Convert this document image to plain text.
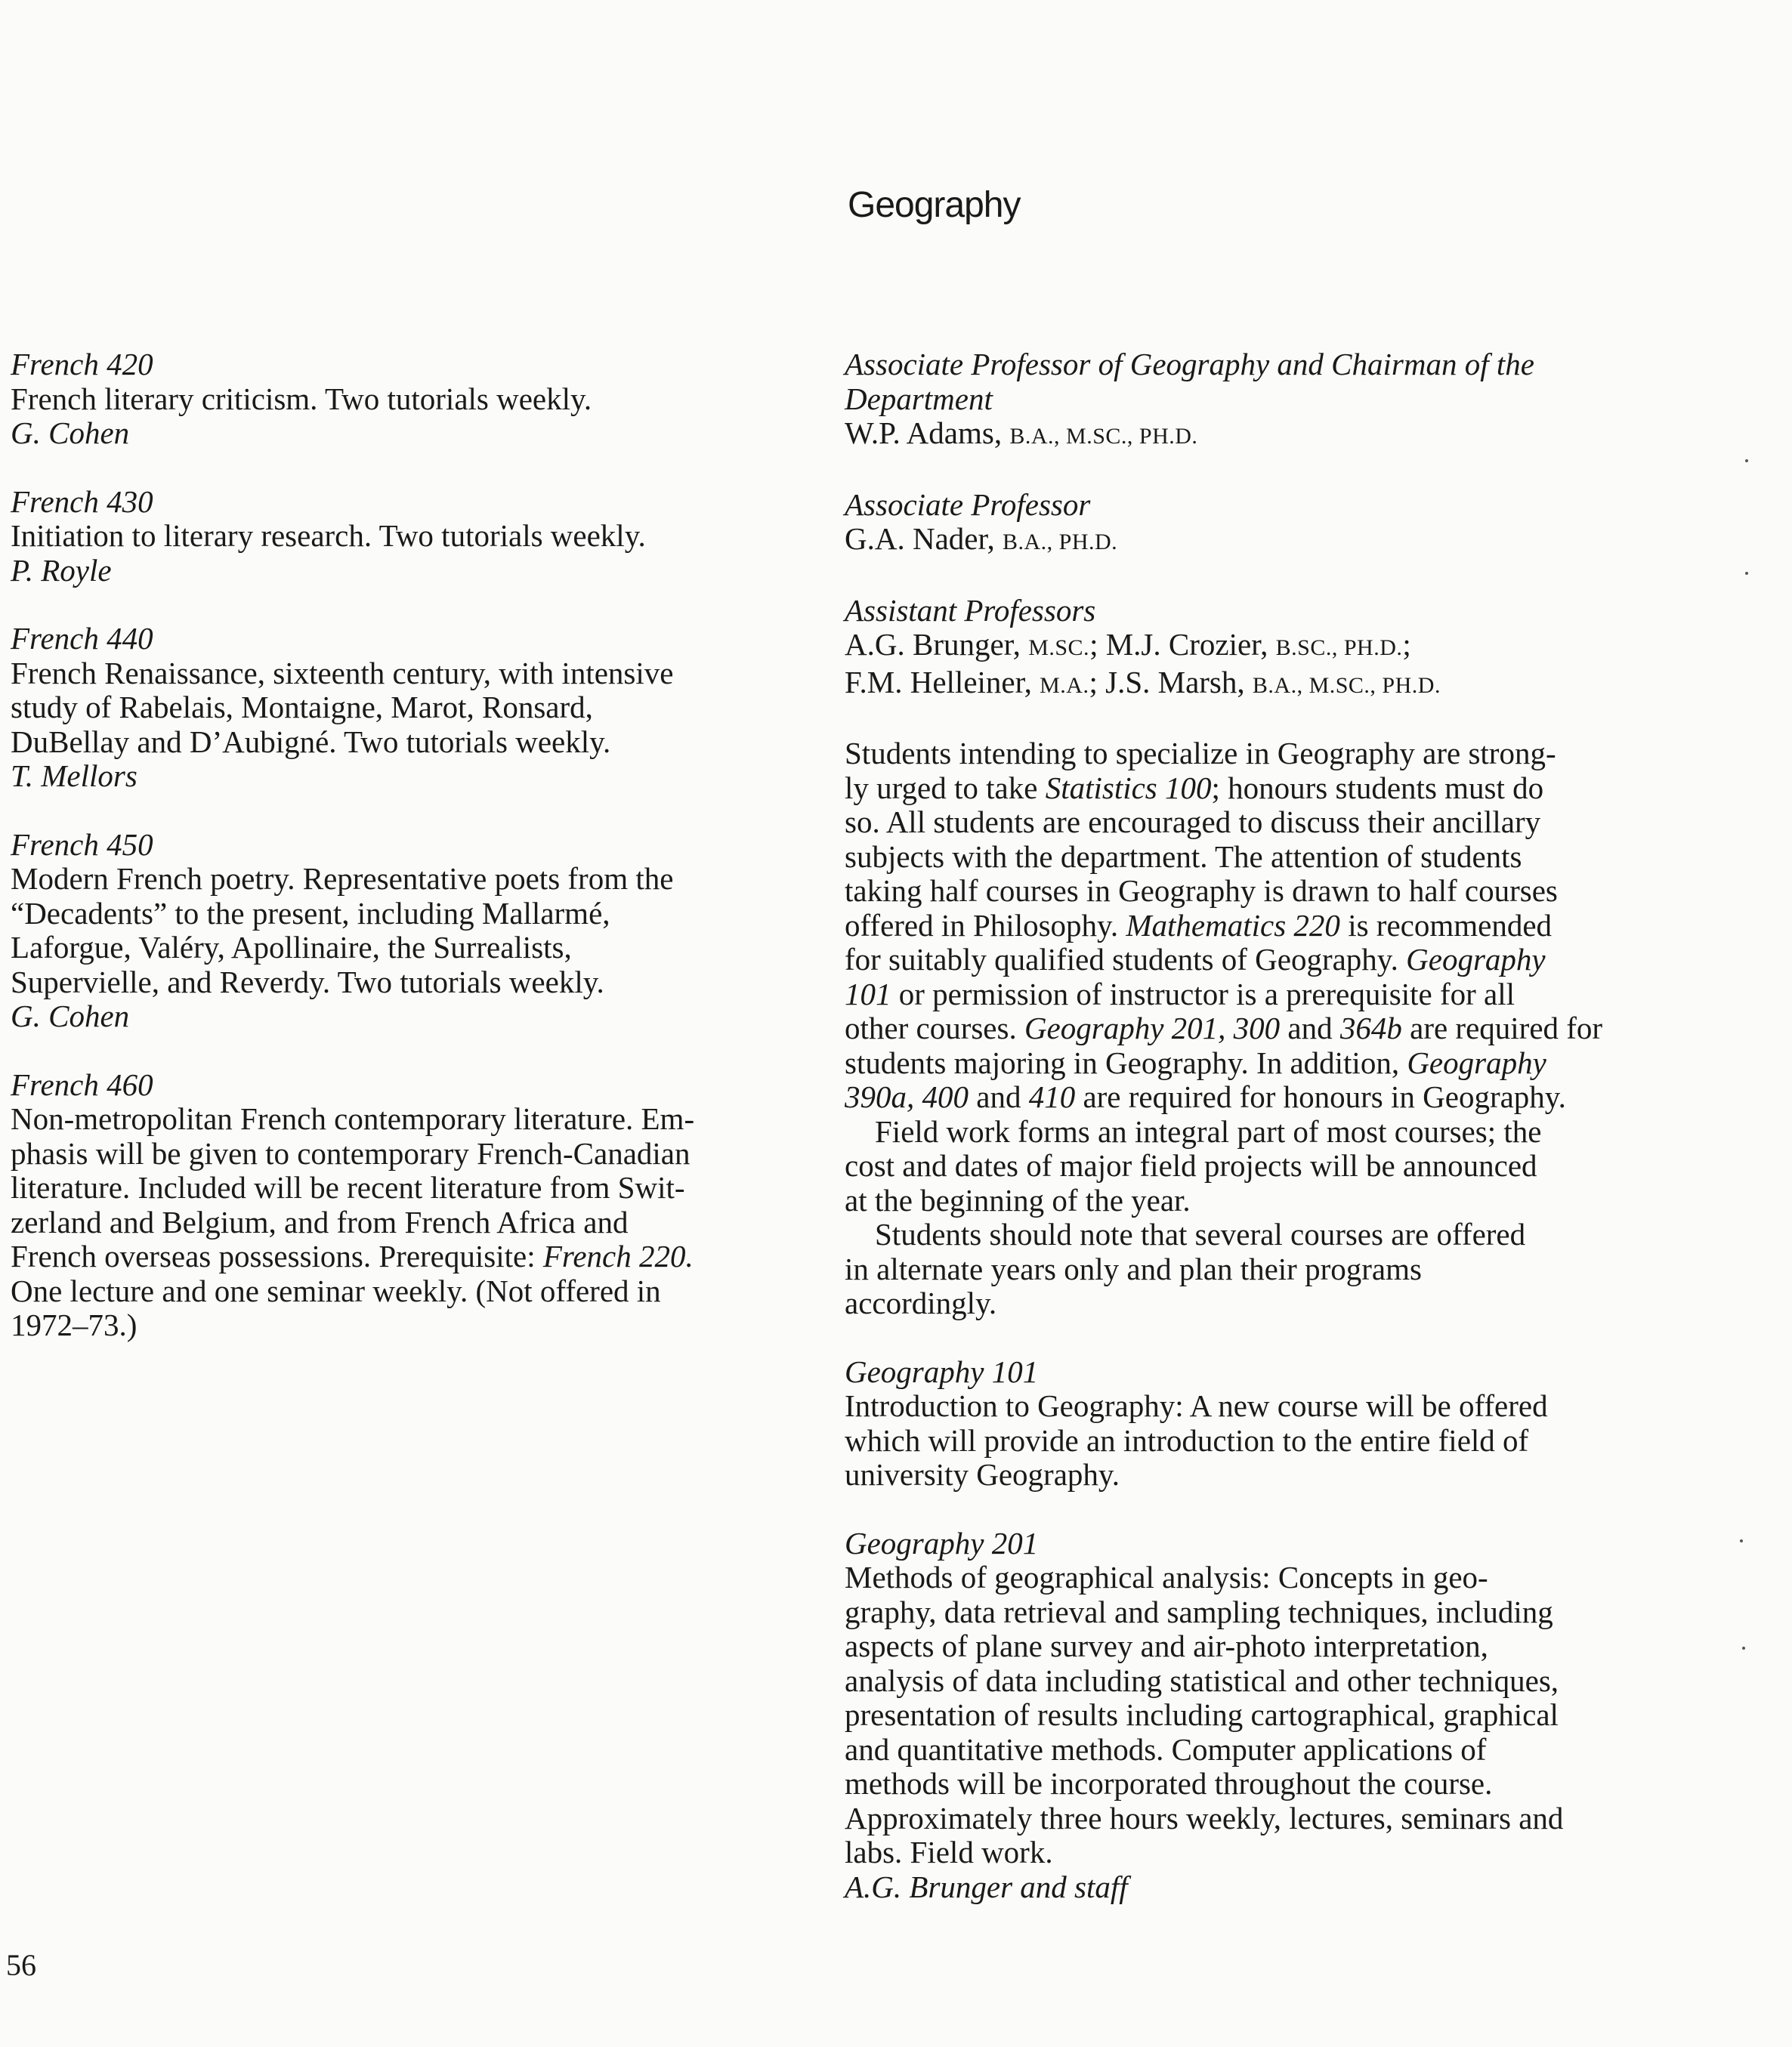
Geography
French 420
French literary criticism. Two tutorials weekly.
G. Cohen
French 430
Initiation to literary research. Two tutorials weekly.
P. Royle
French 440
French Renaissance, sixteenth century, with intensive
study of Rabelais, Montaigne, Marot, Ronsard,
DuBellay and D’Aubigné. Two tutorials weekly.
T. Mellors
French 450
Modern French poetry. Representative poets from the
“Decadents” to the present, including Mallarmé,
Laforgue, Valéry, Apollinaire, the Surrealists,
Supervielle, and Reverdy. Two tutorials weekly.
G. Cohen
French 460
Non-metropolitan French contemporary literature. Em-
phasis will be given to contemporary French-Canadian
literature. Included will be recent literature from Swit-
zerland and Belgium, and from French Africa and
French overseas possessions. Prerequisite: French 220.
One lecture and one seminar weekly. (Not offered in
1972–73.)
Associate Professor of Geography and Chairman of the
Department
W.P. Adams, B.A., M.SC., PH.D.
Associate Professor
G.A. Nader, B.A., PH.D.
Assistant Professors
A.G. Brunger, M.SC.; M.J. Crozier, B.SC., PH.D.;
F.M. Helleiner, M.A.; J.S. Marsh, B.A., M.SC., PH.D.
Students intending to specialize in Geography are strong-
ly urged to take Statistics 100; honours students must do
so. All students are encouraged to discuss their ancillary
subjects with the department. The attention of students
taking half courses in Geography is drawn to half courses
offered in Philosophy. Mathematics 220 is recommended
for suitably qualified students of Geography. Geography
101 or permission of instructor is a prerequisite for all
other courses. Geography 201, 300 and 364b are required for
students majoring in Geography. In addition, Geography
390a, 400 and 410 are required for honours in Geography.
Field work forms an integral part of most courses; the
cost and dates of major field projects will be announced
at the beginning of the year.
Students should note that several courses are offered
in alternate years only and plan their programs
accordingly.
Geography 101
Introduction to Geography: A new course will be offered
which will provide an introduction to the entire field of
university Geography.
Geography 201
Methods of geographical analysis: Concepts in geo-
graphy, data retrieval and sampling techniques, including
aspects of plane survey and air-photo interpretation,
analysis of data including statistical and other techniques,
presentation of results including cartographical, graphical
and quantitative methods. Computer applications of
methods will be incorporated throughout the course.
Approximately three hours weekly, lectures, seminars and
labs. Field work.
A.G. Brunger and staff
56
